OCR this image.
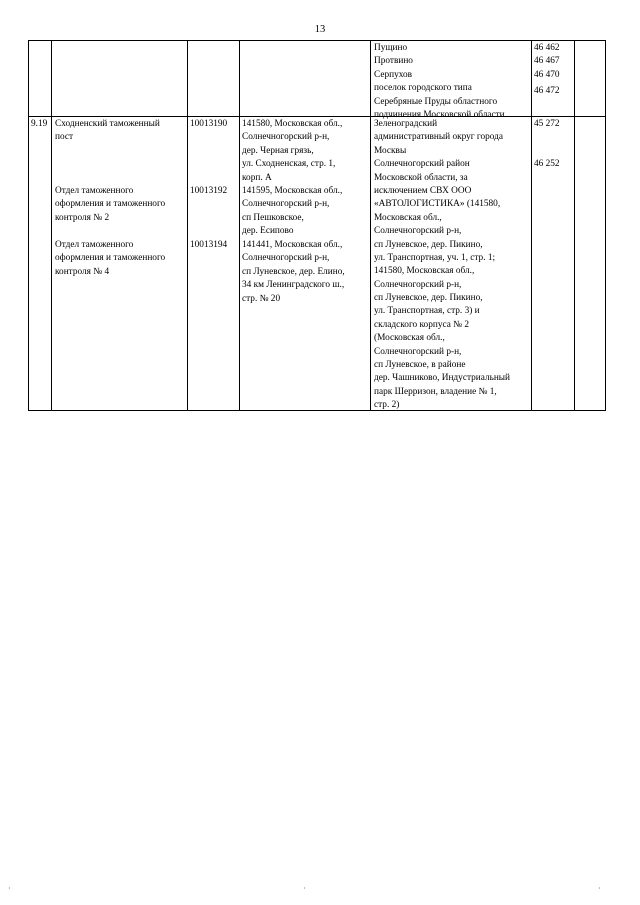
13
Пущино
Протвино
Серпухов
поселок городского типа
Серебряные Пруды областного
подчинения Московской области
46 462
46 467
46 470
46 472
9.19 Сходненский таможенный
пост
Отдел таможенного
оформления и таможенного
контроля № 2
Отдел таможенного
оформления и таможенного
контроля № 4
10013190
10013192
10013194
141580, Московская обл.,
Солнечногорский р-н,
дер. Черная грязь,
ул. Сходненская, стр. 1,
корп. А
141595, Московская обл.,
Солнечногорский р-н,
сп Пешковское,
дер. Есипово
141441, Московская обл.,
Солнечногорский р-н,
сп Луневское, дер. Елино,
34 км Ленинградского ш.,
стр. № 20
Зеленоградский
административный округ города
Москвы
Солнечногорский район
Московской области, за
исключением СВХ ООО
«АВТОЛОГИСТИКА» (141580,
Московская обл.,
Солнечногорский р-н,
сп Луневское, дер. Пикино,
ул. Транспортная, уч. 1, стр. 1;
141580, Московская обл.,
Солнечногорский р-н,
сп Луневское, дер. Пикино,
ул. Транспортная, стр. 3) и
складского корпуса № 2
(Московская обл.,
Солнечногорский р-н,
сп Луневское, в районе
дер. Чашниково, Индустриальный
парк Шерризон, владение № 1,
стр. 2)
45 272
46 252
·	·	·
